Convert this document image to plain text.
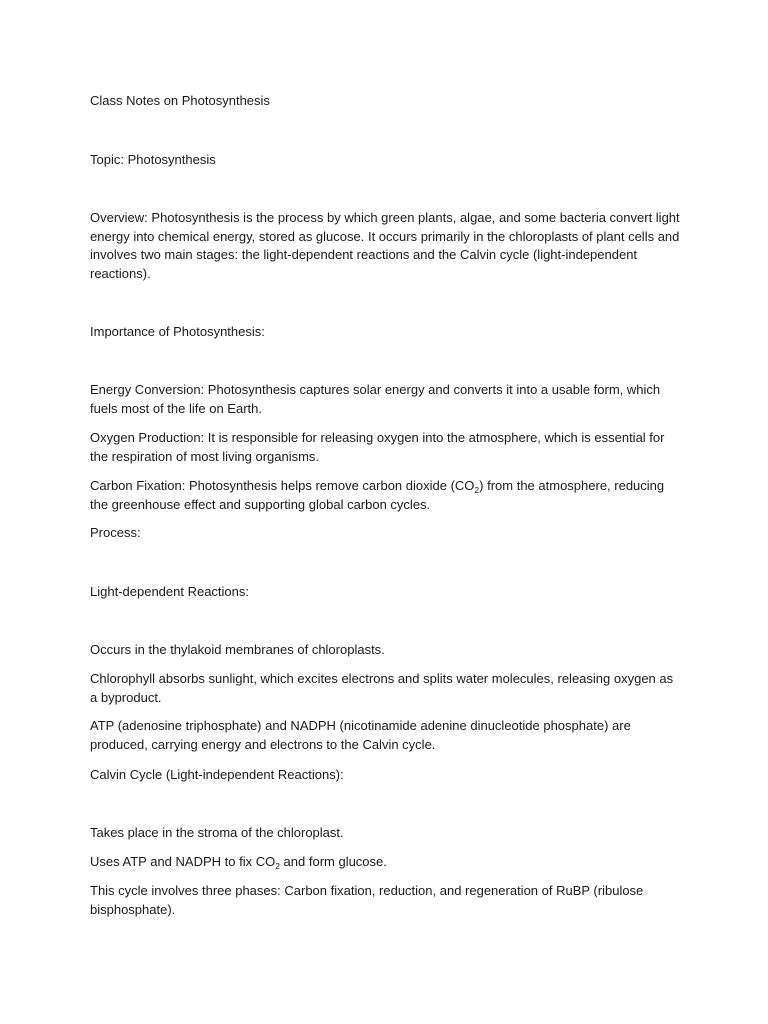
Class Notes on Photosynthesis

Topic: Photosynthesis

Overview: Photosynthesis is the process by which green plants, algae, and some bacteria convert light energy into chemical energy, stored as glucose. It occurs primarily in the chloroplasts of plant cells and involves two main stages: the light-dependent reactions and the Calvin cycle (light-independent reactions).

Importance of Photosynthesis:

Energy Conversion: Photosynthesis captures solar energy and converts it into a usable form, which fuels most of the life on Earth.

Oxygen Production: It is responsible for releasing oxygen into the atmosphere, which is essential for the respiration of most living organisms.

Carbon Fixation: Photosynthesis helps remove carbon dioxide $(CO_2)$ from the atmosphere, reducing the greenhouse effect and supporting global carbon cycles.

Process:

Light-dependent Reactions:

Occurs in the thylakoid membranes of chloroplasts.

Chlorophyll absorbs sunlight, which excites electrons and splits water molecules, releasing oxygen as a byproduct.

ATP (adenosine triphosphate) and NADPH (nicotinamide adenine dinucleotide phosphate) are produced, carrying energy and electrons to the Calvin cycle.

Calvin Cycle (Light-independent Reactions):

Takes place in the stroma of the chloroplast.

Uses ATP and NADPH to fix $CO_2$ and form glucose.

This cycle involves three phases: Carbon fixation, reduction, and regeneration of RuBP (ribulose bisphosphate).
